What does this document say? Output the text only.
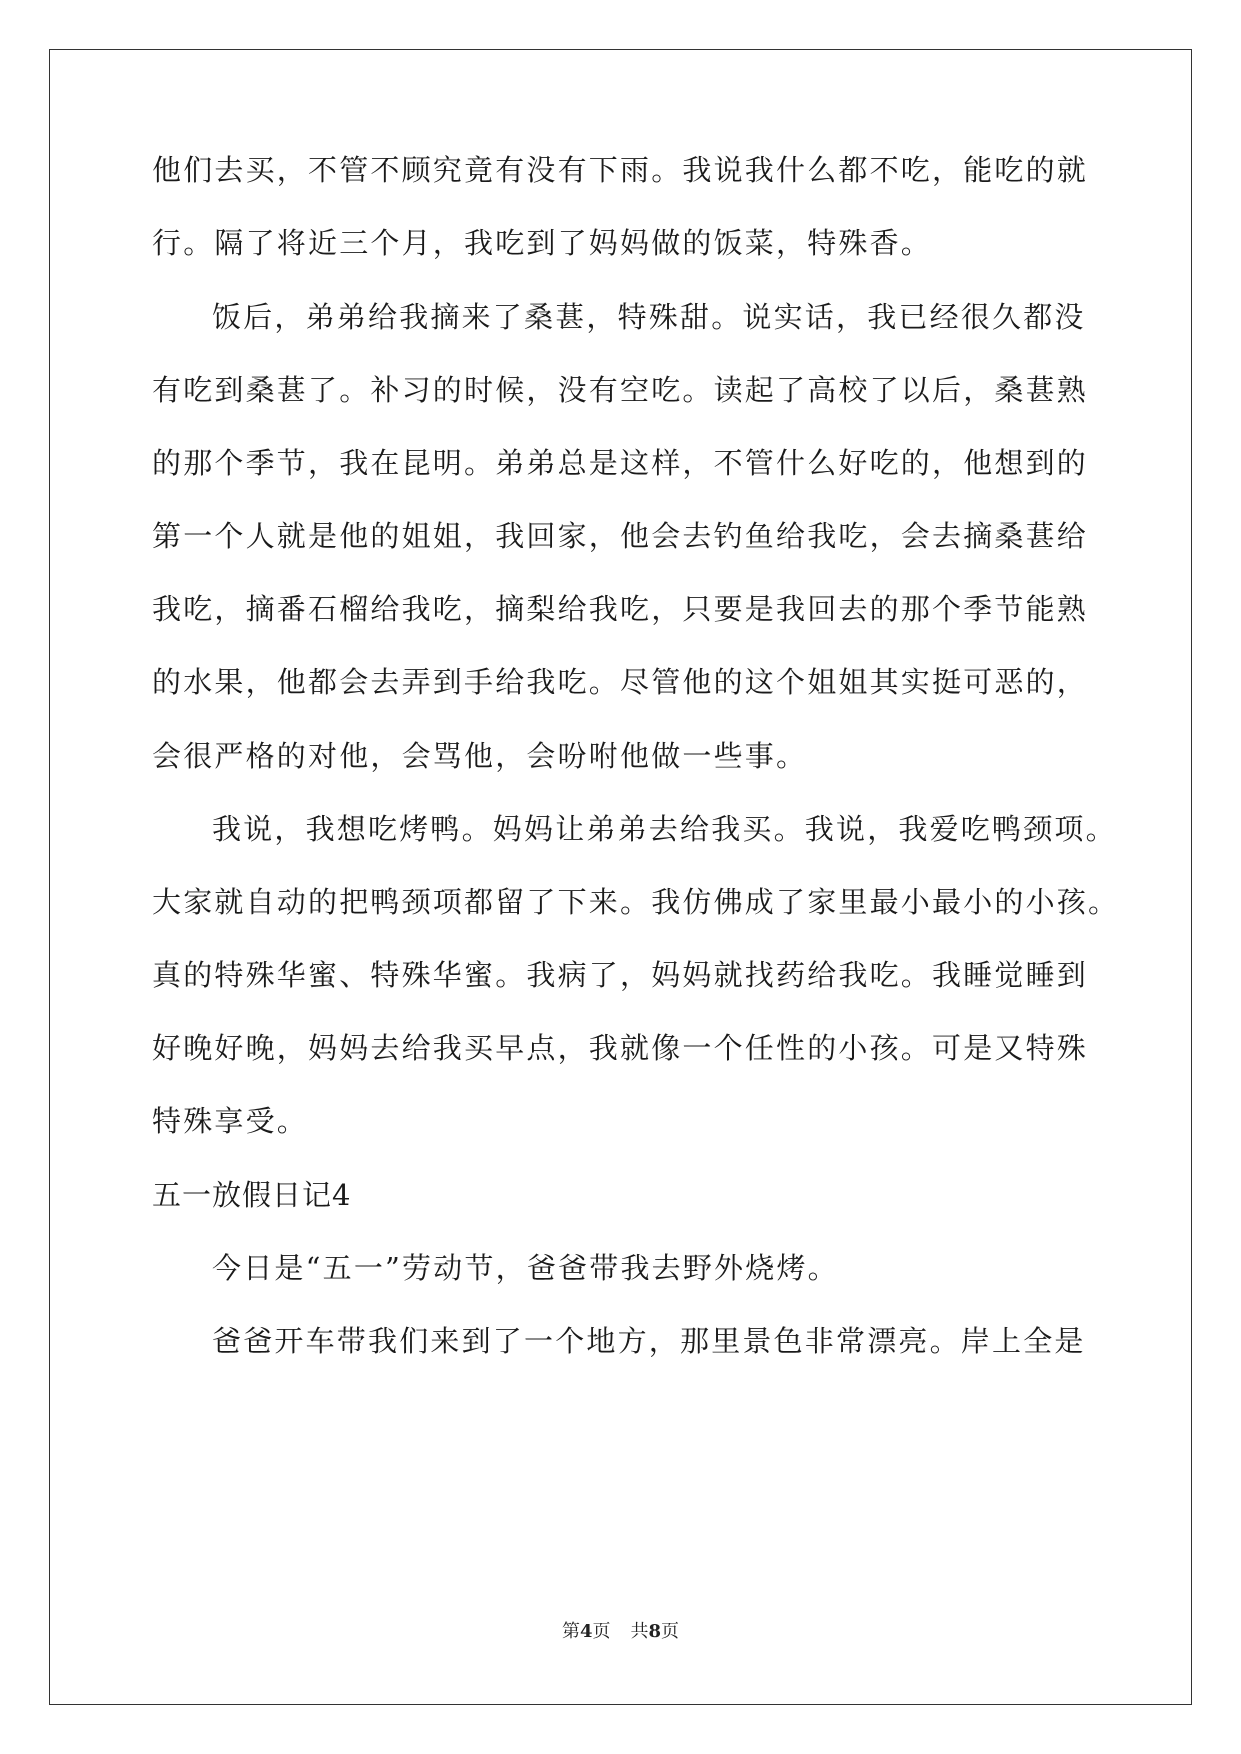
他们去买，不管不顾究竟有没有下雨。我说我什么都不吃，能吃的就
行。隔了将近三个月，我吃到了妈妈做的饭菜，特殊香。
饭后，弟弟给我摘来了桑葚，特殊甜。说实话，我已经很久都没
有吃到桑葚了。补习的时候，没有空吃。读起了高校了以后，桑葚熟
的那个季节，我在昆明。弟弟总是这样，不管什么好吃的，他想到的
第一个人就是他的姐姐，我回家，他会去钓鱼给我吃，会去摘桑葚给
我吃，摘番石榴给我吃，摘梨给我吃，只要是我回去的那个季节能熟
的水果，他都会去弄到手给我吃。尽管他的这个姐姐其实挺可恶的，
会很严格的对他，会骂他，会吩咐他做一些事。
我说，我想吃烤鸭。妈妈让弟弟去给我买。我说，我爱吃鸭颈项。
大家就自动的把鸭颈项都留了下来。我仿佛成了家里最小最小的小孩。
真的特殊华蜜、特殊华蜜。我病了，妈妈就找药给我吃。我睡觉睡到
好晚好晚，妈妈去给我买早点，我就像一个任性的小孩。可是又特殊
特殊享受。
五一放假日记4
今日是“五一”劳动节，爸爸带我去野外烧烤。
爸爸开车带我们来到了一个地方，那里景色非常漂亮。岸上全是
第4页 共8页
